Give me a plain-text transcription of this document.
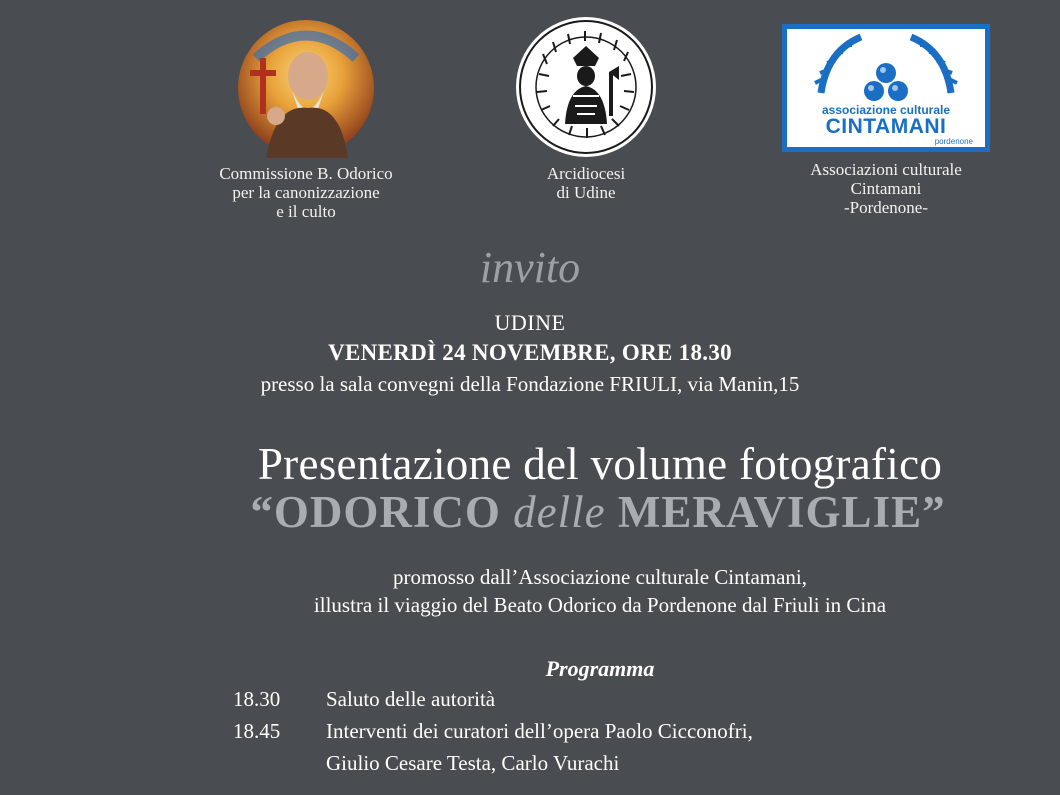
Commissione B. Odorico
per la canonizzazione
e il culto
Arcidiocesi
di Udine
associazione culturale
CINTAMANI
pordenone
Associazioni culturale
Cintamani
-Pordenone-
invito
UDINE
VENERDÌ 24 NOVEMBRE, ORE 18.30
presso la sala convegni della Fondazione FRIULI, via Manin,15
Presentazione del volume fotografico
“ODORICO delle MERAVIGLIE”
promosso dall’Associazione culturale Cintamani,
illustra il viaggio del Beato Odorico da Pordenone dal Friuli in Cina
Programma
18.30 Saluto delle autorità
18.45 Interventi dei curatori dell’opera Paolo Cicconofri,
Giulio Cesare Testa, Carlo Vurachi
